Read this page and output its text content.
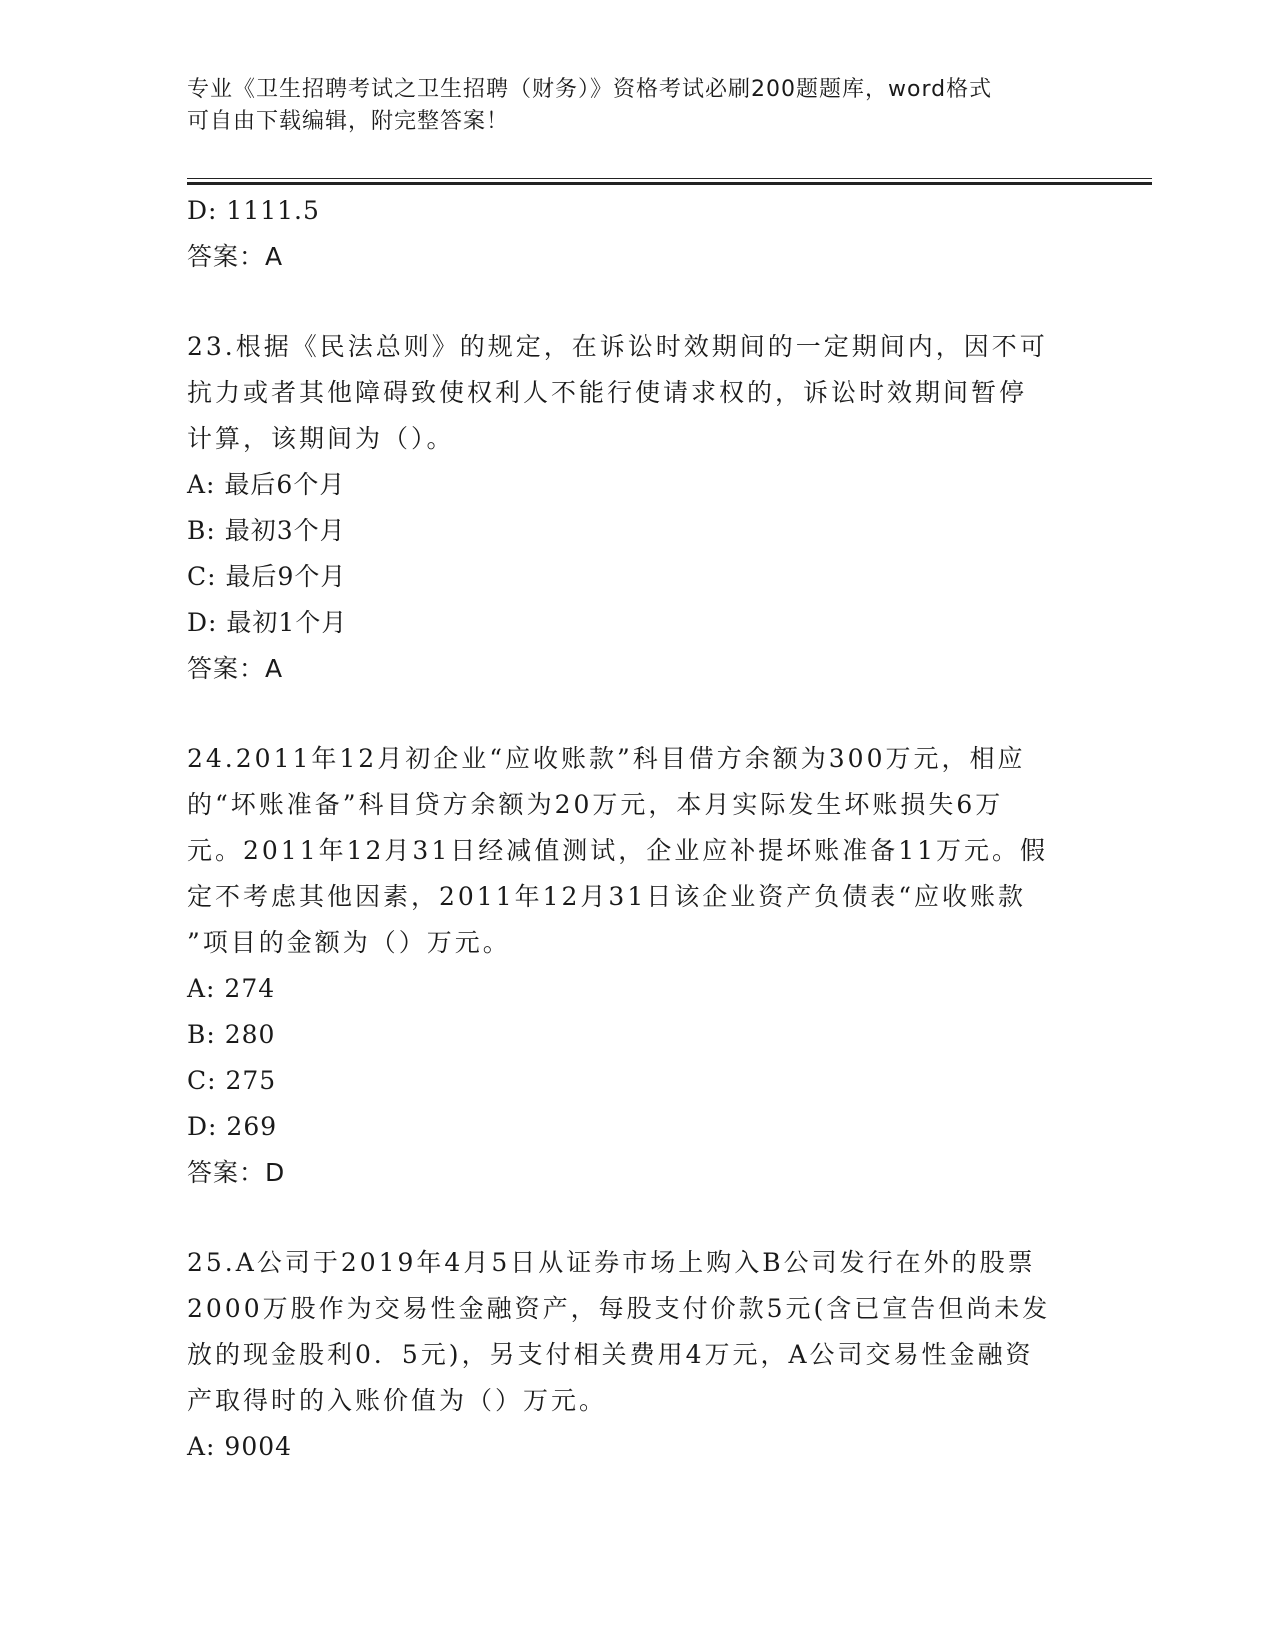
专业《卫生招聘考试之卫生招聘（财务）》资格考试必刷200题题库，word格式
可自由下载编辑，附完整答案！
D: 1111.5
答案：A
23.根据《民法总则》的规定，在诉讼时效期间的一定期间内，因不可
抗力或者其他障碍致使权利人不能行使请求权的，诉讼时效期间暂停
计算，该期间为（）。
A: 最后6个月
B: 最初3个月
C: 最后9个月
D: 最初1个月
答案：A
24.2011年12月初企业“应收账款”科目借方余额为300万元，相应
的“坏账准备”科目贷方余额为20万元，本月实际发生坏账损失6万
元。2011年12月31日经减值测试，企业应补提坏账准备11万元。假
定不考虑其他因素，2011年12月31日该企业资产负债表“应收账款
”项目的金额为（）万元。
A: 274
B: 280
C: 275
D: 269
答案：D
25.A公司于2019年4月5日从证券市场上购入B公司发行在外的股票
2000万股作为交易性金融资产，每股支付价款5元(含已宣告但尚未发
放的现金股利0．5元)，另支付相关费用4万元，A公司交易性金融资
产取得时的入账价值为（）万元。
A: 9004
